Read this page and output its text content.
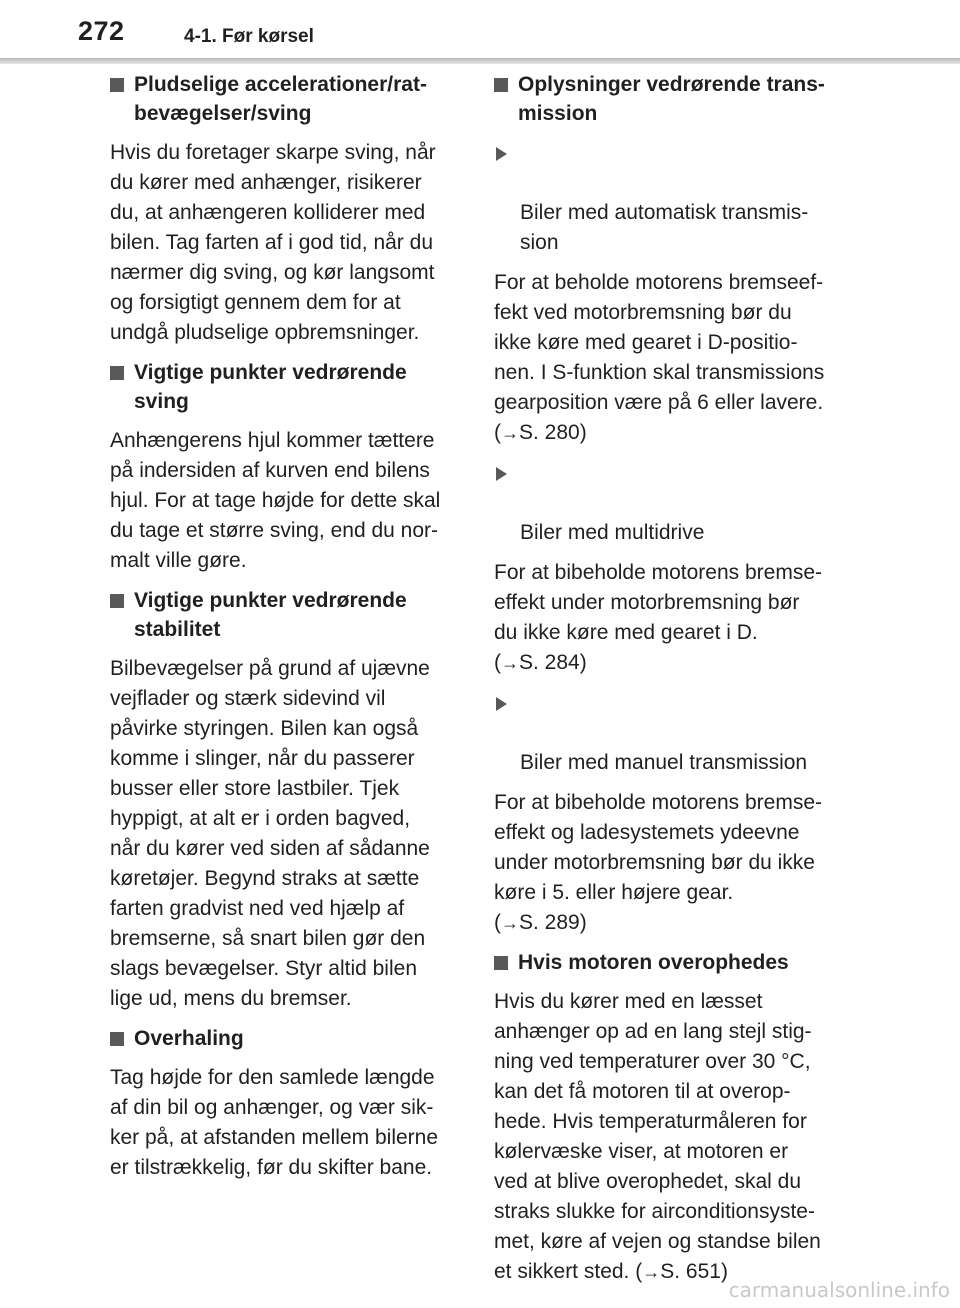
272	4-1. Før kørsel
Pludselige accelerationer/rat-
bevægelser/sving
Hvis du foretager skarpe sving, når
du kører med anhænger, risikerer
du, at anhængeren kolliderer med
bilen. Tag farten af i god tid, når du
nærmer dig sving, og kør langsomt
og forsigtigt gennem dem for at
undgå pludselige opbremsninger.
Vigtige punkter vedrørende
sving
Anhængerens hjul kommer tættere
på indersiden af kurven end bilens
hjul. For at tage højde for dette skal
du tage et større sving, end du nor-
malt ville gøre.
Vigtige punkter vedrørende
stabilitet
Bilbevægelser på grund af ujævne
vejflader og stærk sidevind vil
påvirke styringen. Bilen kan også
komme i slinger, når du passerer
busser eller store lastbiler. Tjek
hyppigt, at alt er i orden bagved,
når du kører ved siden af sådanne
køretøjer. Begynd straks at sætte
farten gradvist ned ved hjælp af
bremserne, så snart bilen gør den
slags bevægelser. Styr altid bilen
lige ud, mens du bremser.
Overhaling
Tag højde for den samlede længde
af din bil og anhænger, og vær sik-
ker på, at afstanden mellem bilerne
er tilstrækkelig, før du skifter bane.
Oplysninger vedrørende trans-
mission

Biler med automatisk transmis-
sion

For at beholde motorens bremseef-
fekt ved motorbremsning bør du
ikke køre med gearet i D-positio-
nen. I S-funktion skal transmissions
gearposition være på 6 eller lavere.
(→S. 280)

Biler med multidrive

For at bibeholde motorens bremse-
effekt under motorbremsning bør
du ikke køre med gearet i D.
(→S. 284)

Biler med manuel transmission

For at bibeholde motorens bremse-
effekt og ladesystemets ydeevne
under motorbremsning bør du ikke
køre i 5. eller højere gear.
(→S. 289)
Hvis motoren overophedes
Hvis du kører med en læsset
anhænger op ad en lang stejl stig-
ning ved temperaturer over 30 °C,
kan det få motoren til at overop-
hede. Hvis temperaturmåleren for
kølervæske viser, at motoren er
ved at blive overophedet, skal du
straks slukke for airconditionsyste-
met, køre af vejen og standse bilen
et sikkert sted. (→S. 651)
carmanualsonline.info
